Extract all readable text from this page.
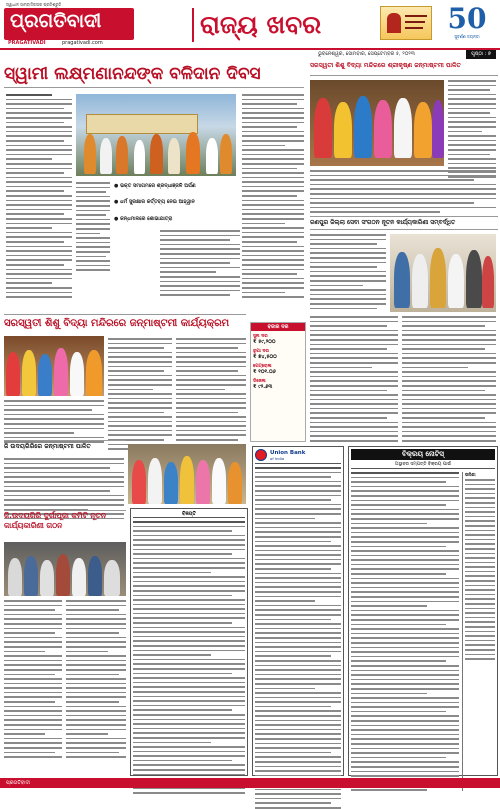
ସ୍ୱାଧୀନ ସାମ୍ବାଦିକତାର ପ୍ରତିଶ୍ରୁତି
ପ୍ରଗତିବାଦୀ
PRAGATIVADI	pragativadi.com
ରାଜ୍ୟ ଖବର	50
ସୁବର୍ଣ୍ଣ ଜୟନ୍ତୀ
ଭୁବନେଶ୍ୱର, ସୋମବାର, ସେପ୍ଟେମ୍ବର ୫, ୨୦୨୩	ପୃଷ୍ଠା : ୭
ସ୍ୱାମୀ ଲକ୍ଷ୍ମଣାନନ୍ଦଙ୍କ ବଳିଦାନ ଦିବସ
● ଭକ୍ତ ସମାଗମରେ ଶ୍ରଦ୍ଧାଞ୍ଜଳି ଅର୍ପଣ
● ଧର୍ମ ସୁରକ୍ଷାର କର୍ତ୍ତବ୍ୟ ନେଇ ଆହ୍ୱାନ
● କନ୍ଧମାଳରେ ଶୋଭାଯାତ୍ରା
ସରସ୍ୱତୀ ଶିଶୁ ବିଦ୍ୟା ମନ୍ଦିରରେ ଶ୍ରୀକୃଷ୍ଣ ଜନ୍ମାଷ୍ଟମୀ ପାଳିତ
ରଣପୁର ଜିଲ୍ଲା ସେବା ସଂଗଠନ ନୂତନ କାର୍ଯ୍ୟକାରିଣୀ ସମ୍ବର୍ଦ୍ଧିତ
ସରସ୍ୱତୀ ଶିଶୁ ବିଦ୍ୟା ମନ୍ଦିରରେ ଜନ୍ମାଷ୍ଟମୀ କାର୍ଯ୍ୟକ୍ରମ	ବଜାର ଦର
ସୁନା ଦର
₹ ୫୯,୨୦୦
ରୂପା ଦର
₹ ୭୪,୫୦୦
ପେଟ୍ରୋଲ
₹ ୧୦୧.୦୬
ଡିଜେଲ
₹ ୯୨.୬୩
ଜି ଉଦୟଗିରିରେ ଜନ୍ମାଷ୍ଟମୀ ପାଳିତ
ଜି.ଉଦୟଗିରି ଦୁର୍ଗାପୂଜା କମିଟି ନୂତନ କାର୍ଯ୍ୟକାରିଣୀ ଗଠନ
ବିଜ୍ଞପ୍ତି
Union Bank
of India	ବିକ୍ରୟ ନୋଟିସ୍
ଅସ୍ଥାବର ସମ୍ପତ୍ତି ବିକ୍ରୟ ପାଇଁ
ତାଲିକା
ପ୍ରଗତିବାଦୀ
